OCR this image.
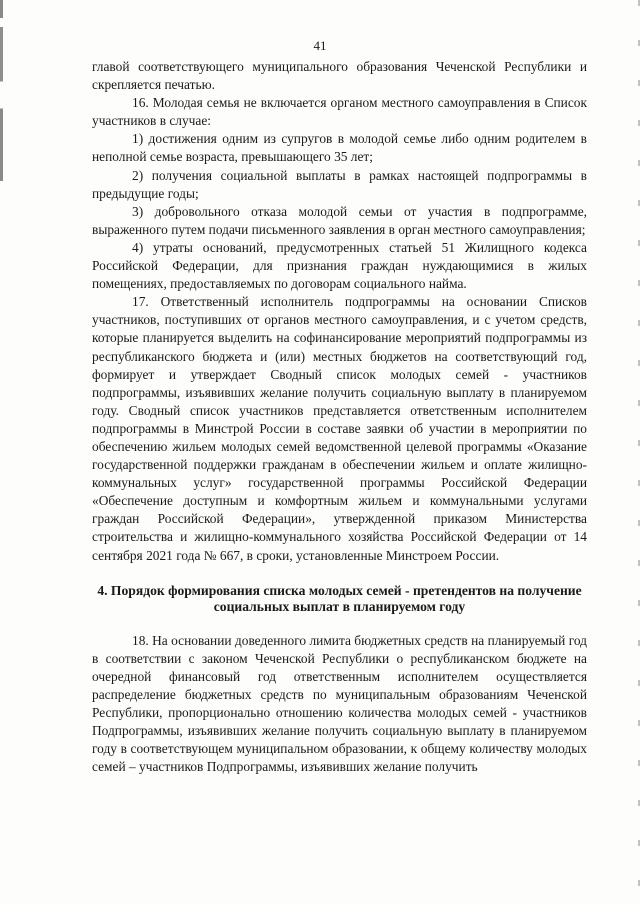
41

главой соответствующего муниципального образования Чеченской Республики и скрепляется печатью.

16. Молодая семья не включается органом местного самоуправления в Список участников в случае:

1) достижения одним из супругов в молодой семье либо одним родителем в неполной семье возраста, превышающего 35 лет;

2) получения социальной выплаты в рамках настоящей подпрограммы в предыдущие годы;

3) добровольного отказа молодой семьи от участия в подпрограмме, выраженного путем подачи письменного заявления в орган местного самоуправления;

4) утраты оснований, предусмотренных статьей 51 Жилищного кодекса Российской Федерации, для признания граждан нуждающимися в жилых помещениях, предоставляемых по договорам социального найма.

17. Ответственный исполнитель подпрограммы на основании Списков участников, поступивших от органов местного самоуправления, и с учетом средств, которые планируется выделить на софинансирование мероприятий подпрограммы из республиканского бюджета и (или) местных бюджетов на соответствующий год, формирует и утверждает Сводный список молодых семей - участников подпрограммы, изъявивших желание получить социальную выплату в планируемом году. Сводный список участников представляется ответственным исполнителем подпрограммы в Минстрой России в составе заявки об участии в мероприятии по обеспечению жильем молодых семей ведомственной целевой программы «Оказание государственной поддержки гражданам в обеспечении жильем и оплате жилищно-коммунальных услуг» государственной программы Российской Федерации «Обеспечение доступным и комфортным жильем и коммунальными услугами граждан Российской Федерации», утвержденной приказом Министерства строительства и жилищно-коммунального хозяйства Российской Федерации от 14 сентября 2021 года № 667, в сроки, установленные Минстроем России.

4. Порядок формирования списка молодых семей - претендентов на получение социальных выплат в планируемом году

18. На основании доведенного лимита бюджетных средств на планируемый год в соответствии с законом Чеченской Республики о республиканском бюджете на очередной финансовый год ответственным исполнителем осуществляется распределение бюджетных средств по муниципальным образованиям Чеченской Республики, пропорционально отношению количества молодых семей - участников Подпрограммы, изъявивших желание получить социальную выплату в планируемом году в соответствующем муниципальном образовании, к общему количеству молодых семей – участников Подпрограммы, изъявивших желание получить
